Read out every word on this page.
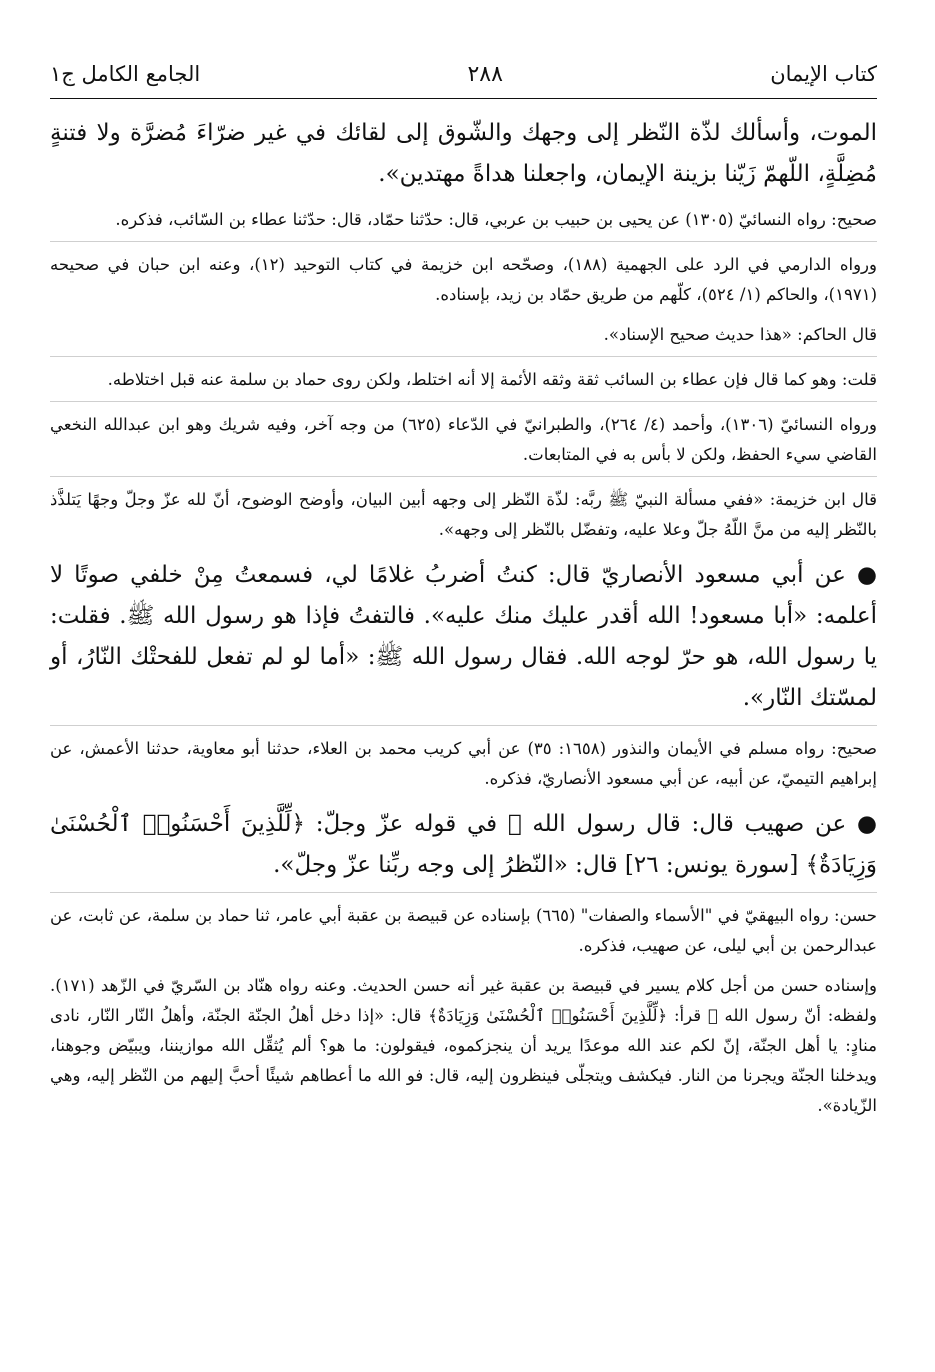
كتاب الإيمان
٢٨٨
الجامع الكامل ج١

الموت، وأسألك لذّة النّظر إلى وجهك والشّوق إلى لقائك في غير ضرّاءَ مُضرَّة ولا فتنةٍ مُضِلَّةٍ، اللّهمّ زَيّنا بزينة الإيمان، واجعلنا هداةً مهتدين».

صحيح: رواه النسائيّ (١٣٠٥) عن يحيى بن حبيب بن عربي، قال: حدّثنا حمّاد، قال: حدّثنا عطاء بن السّائب، فذكره.

ورواه الدارمي في الرد على الجهمية (١٨٨)، وصحّحه ابن خزيمة في كتاب التوحيد (١٢)، وعنه ابن حبان في صحيحه (١٩٧١)، والحاكم (١/ ٥٢٤)، كلّهم من طريق حمّاد بن زيد، بإسناده.

قال الحاكم: «هذا حديث صحيح الإسناد».

قلت: وهو كما قال فإن عطاء بن السائب ثقة وثقه الأئمة إلا أنه اختلط، ولكن روى حماد بن سلمة عنه قبل اختلاطه.

ورواه النسائيّ (١٣٠٦)، وأحمد (٤/ ٢٦٤)، والطبرانيّ في الدّعاء (٦٢٥) من وجه آخر، وفيه شريك وهو ابن عبدالله النخعي القاضي سيء الحفظ، ولكن لا بأس به في المتابعات.

قال ابن خزيمة: «ففي مسألة النبيّ ﷺ ربَّه: لذّة النّظر إلى وجهه أبين البيان، وأوضح الوضوح، أنّ لله عزّ وجلّ وجهًا يَتلذَّذ بالنّظر إليه من منَّ اللّهُ جلّ وعلا عليه، وتفضّل بالنّظر إلى وجهه».

● عن أبي مسعود الأنصاريّ قال: كنتُ أضربُ غلامًا لي، فسمعتُ مِنْ خلفي صوتًا لا أعلمه: «أبا مسعود! الله أقدر عليك منك عليه». فالتفتُ فإذا هو رسول الله ﷺ. فقلت: يا رسول الله، هو حرّ لوجه الله. فقال رسول الله ﷺ: «أما لو لم تفعل للفحتْك النّارُ، أو لمسّتك النّار».

صحيح: رواه مسلم في الأيمان والنذور (١٦٥٨: ٣٥) عن أبي كريب محمد بن العلاء، حدثنا أبو معاوية، حدثنا الأعمش، عن إبراهيم التيميّ، عن أبيه، عن أبي مسعود الأنصاريّ، فذكره.

● عن صهيب قال: قال رسول الله ﷺ في قوله عزّ وجلّ: ﴿لِّلَّذِينَ أَحْسَنُوا۟ ٱلْحُسْنَىٰ وَزِيَادَةٌ﴾ [سورة يونس: ٢٦] قال: «النّظرُ إلى وجه ربِّنا عزّ وجلّ».

حسن: رواه البيهقيّ في "الأسماء والصفات" (٦٦٥) بإسناده عن قبيصة بن عقبة أبي عامر، ثنا حماد بن سلمة، عن ثابت، عن عبدالرحمن بن أبي ليلى، عن صهيب، فذكره.

وإسناده حسن من أجل كلام يسير في قبيصة بن عقبة غير أنه حسن الحديث. وعنه رواه هنّاد بن السّريّ في الزّهد (١٧١). ولفظه: أنّ رسول الله ﷺ قرأ: ﴿لِّلَّذِينَ أَحْسَنُوا۟ ٱلْحُسْنَىٰ وَزِيَادَةٌ﴾ قال: «إذا دخل أهلُ الجنّة الجنّة، وأهلُ النّار النّار، نادى منادٍ: يا أهل الجنّة، إنّ لكم عند الله موعدًا يريد أن ينجزكموه، فيقولون: ما هو؟ ألم يُثقِّل الله موازيننا، ويبيّض وجوهنا، ويدخلنا الجنّة ويجرنا من النار. فيكشف ويتجلّى فينظرون إليه، قال: فو الله ما أعطاهم شيئًا أحبَّ إليهم من النّظر إليه، وهي الزّيادة».
